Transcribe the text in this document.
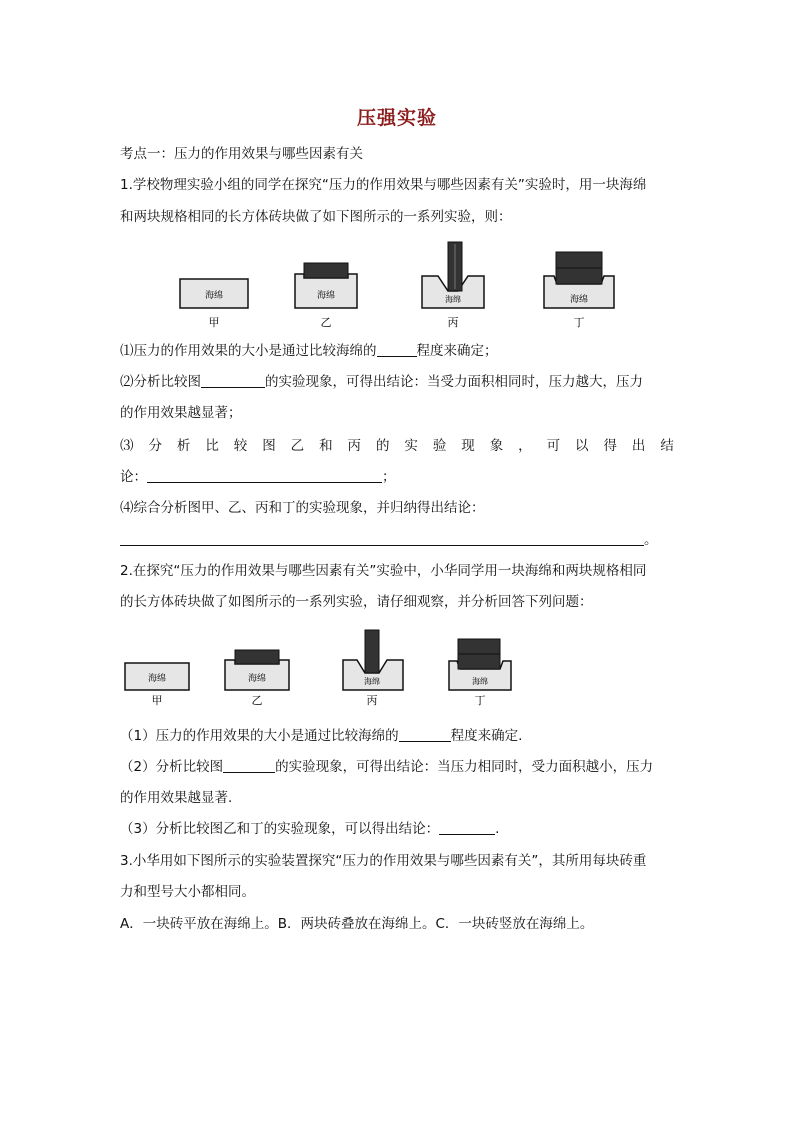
压强实验
考点一：压力的作用效果与哪些因素有关
1.学校物理实验小组的同学在探究“压力的作用效果与哪些因素有关”实验时，用一块海绵
和两块规格相同的长方体砖块做了如下图所示的一系列实验，则：
海绵
甲
海绵
乙
海绵
丙
海绵
丁
⑴压力的作用效果的大小是通过比较海绵的	程度来确定；
⑵分析比较图	的实验现象，可得出结论：当受力面积相同时，压力越大，压力
的作用效果越显著；
⑶ 分 析 比 较 图 乙 和 丙 的 实 验 现 象 ， 可 以 得 出 结
论：	；
⑷综合分析图甲、乙、丙和丁的实验现象，并归纳得出结论：
。
2.在探究“压力的作用效果与哪些因素有关”实验中，小华同学用一块海绵和两块规格相同
的长方体砖块做了如图所示的一系列实验，请仔细观察，并分析回答下列问题：
海绵
甲
海绵
乙
海绵
丙
海绵
丁
（1）压力的作用效果的大小是通过比较海绵的	程度来确定.
（2）分析比较图	的实验现象，可得出结论：当压力相同时，受力面积越小，压力
的作用效果越显著.
（3）分析比较图乙和丁的实验现象，可以得出结论：	.
3.小华用如下图所示的实验装置探究“压力的作用效果与哪些因素有关”，其所用每块砖重
力和型号大小都相同。
A．一块砖平放在海绵上。B．两块砖叠放在海绵上。C．一块砖竖放在海绵上。
